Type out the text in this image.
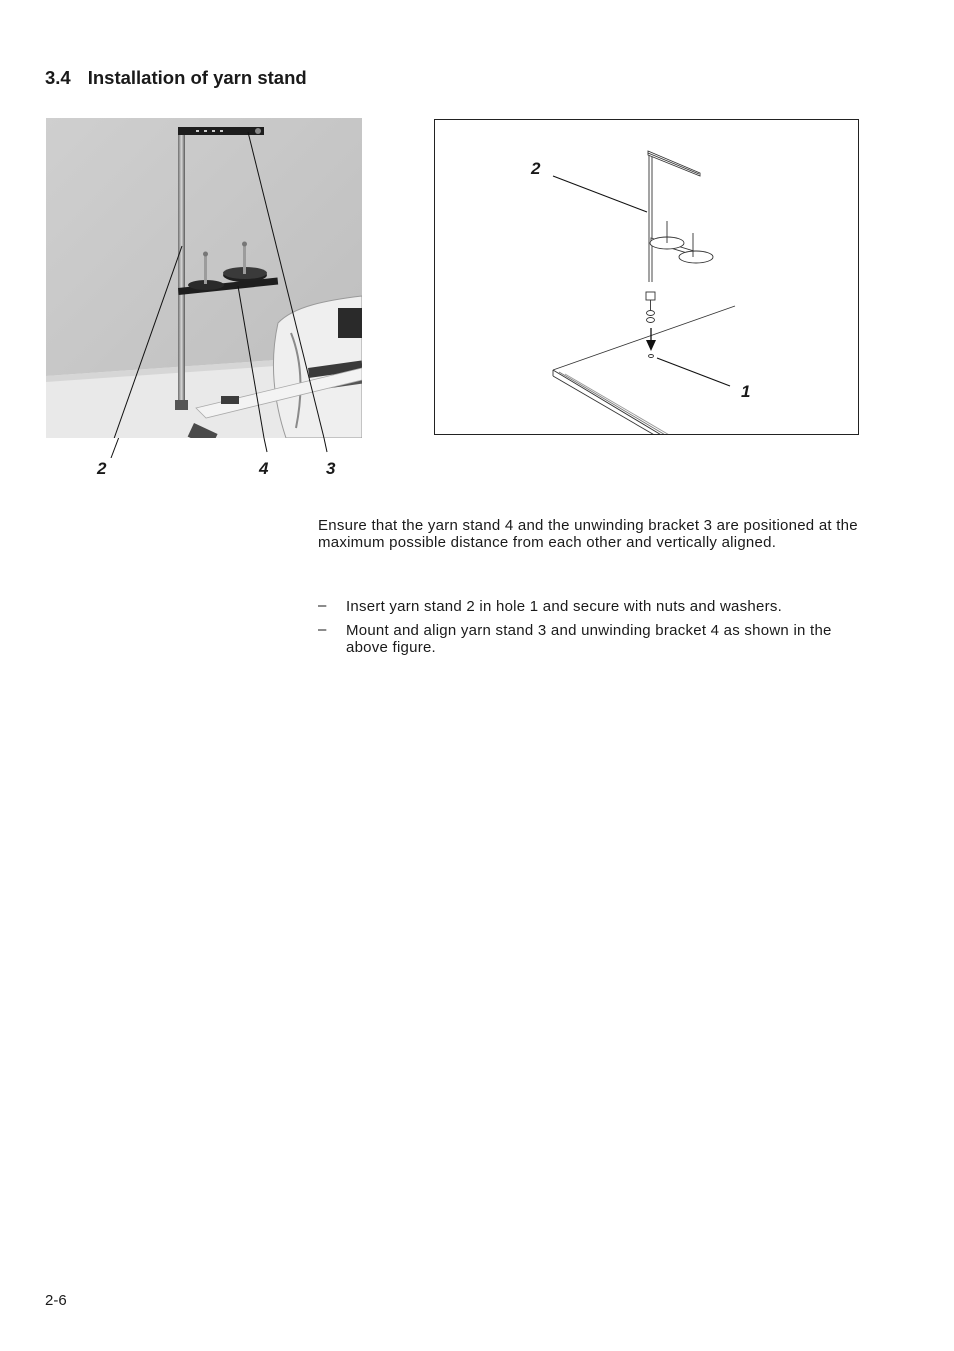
3.4 Installation of yarn stand
2	4	3
2
1

Ensure that the yarn stand 4 and the unwinding bracket 3 are positioned at the maximum possible distance from each other and vertically aligned.

– Insert yarn stand 2 in hole 1 and secure with nuts and washers.
– Mount and align yarn stand 3 and unwinding bracket 4 as shown in the above figure.
2-6
